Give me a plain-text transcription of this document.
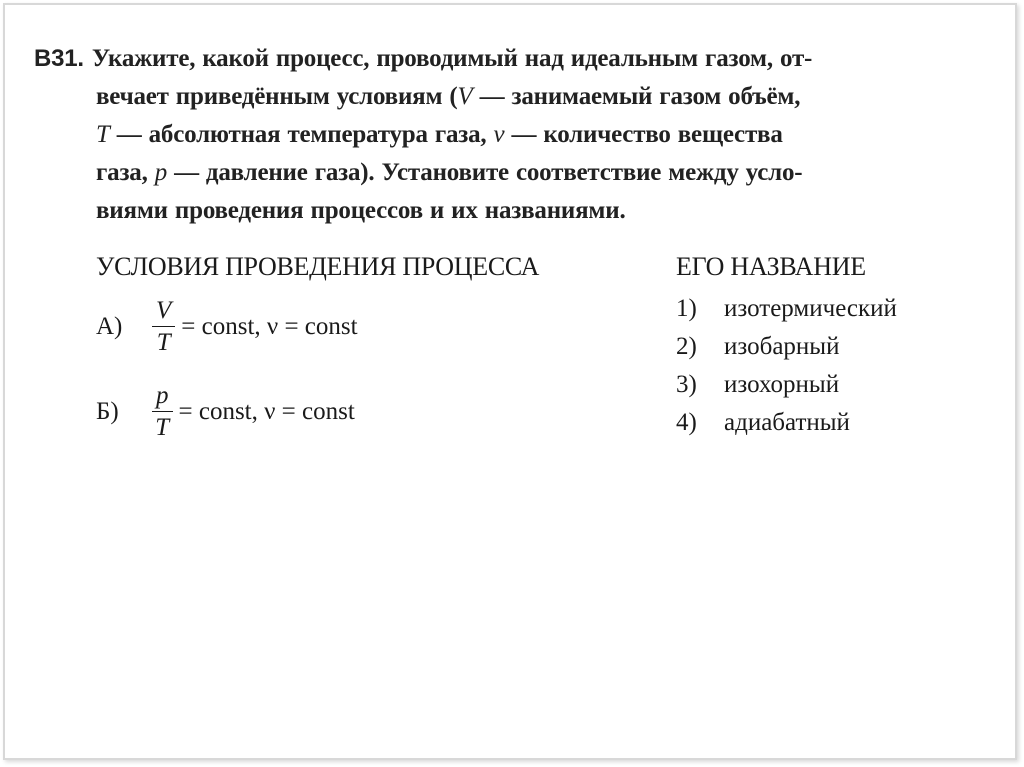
В31. Укажите, какой процесс, проводимый над идеальным газом, от-
вечает приведённым условиям (V — занимаемый газом объём,
T — абсолютная температура газа, ν — количество вещества
газа, p — давление газа). Установите соответствие между усло-
виями проведения процессов и их названиями.
УСЛОВИЯ ПРОВЕДЕНИЯ ПРОЦЕССА	ЕГО НАЗВАНИЕ
А)	$\frac{V}{T}$ = const, ν = const
Б)	$\frac{p}{T}$ = const, ν = const
1) изотермический
2) изобарный
3) изохорный
4) адиабатный
